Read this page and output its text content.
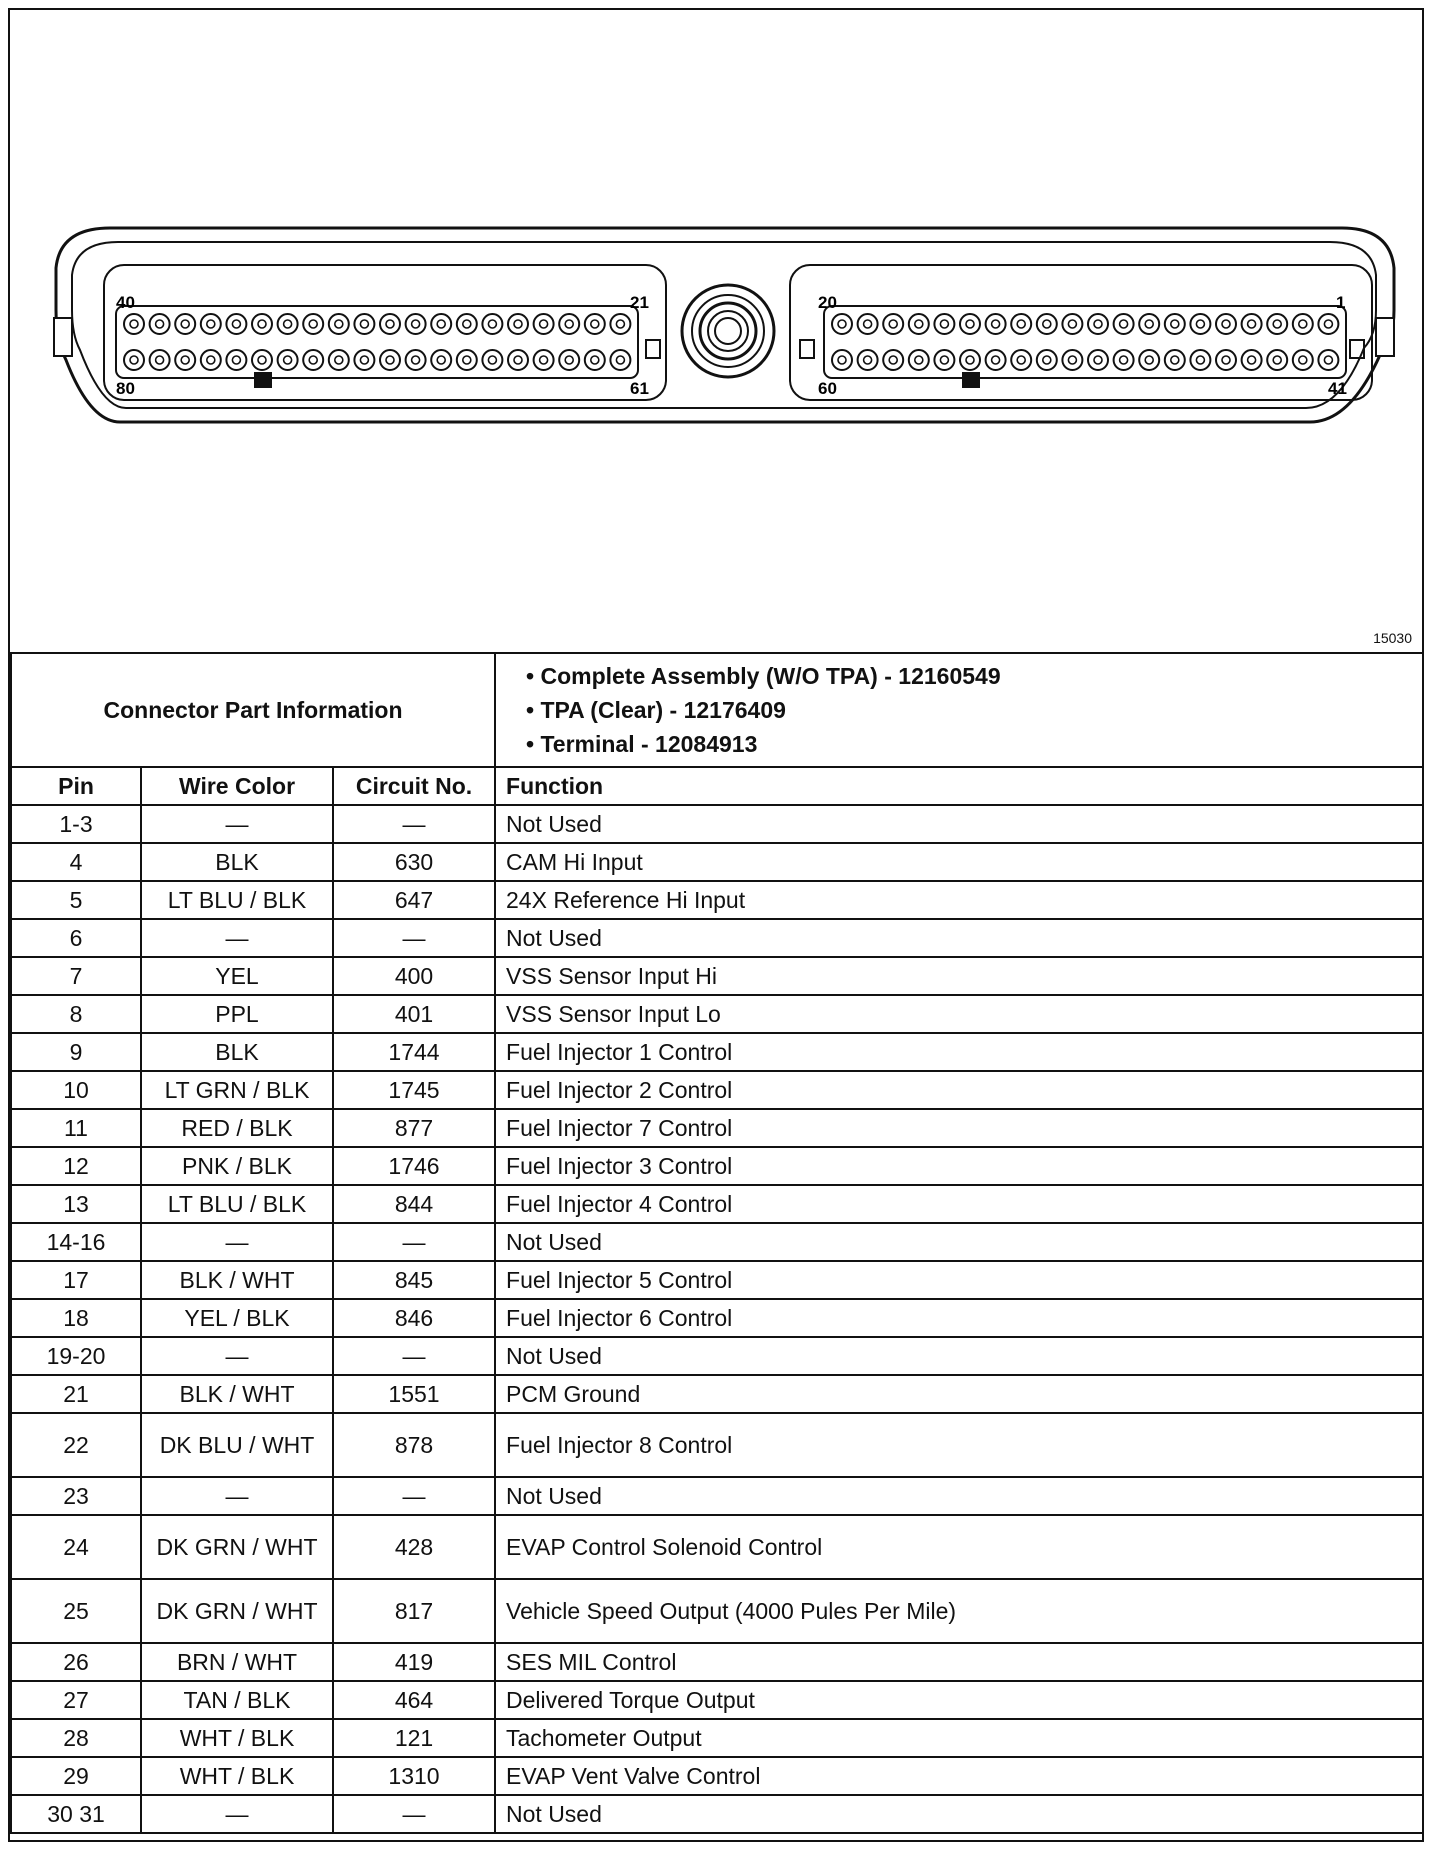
40	21
80	61
20	1
60	41
15030
Connector Part Information			• Complete Assembly (W/O TPA) - 12160549
• TPA (Clear) - 12176409
• Terminal - 12084913

Pin	Wire Color	Circuit No.	Function
1-3	—	—	Not Used
4	BLK	630	CAM Hi Input
5	LT BLU / BLK	647	24X Reference Hi Input
6	—	—	Not Used
7	YEL	400	VSS Sensor Input Hi
8	PPL	401	VSS Sensor Input Lo
9	BLK	1744	Fuel Injector 1 Control
10	LT GRN / BLK	1745	Fuel Injector 2 Control
11	RED / BLK	877	Fuel Injector 7 Control
12	PNK / BLK	1746	Fuel Injector 3 Control
13	LT BLU / BLK	844	Fuel Injector 4 Control
14-16	—	—	Not Used
17	BLK / WHT	845	Fuel Injector 5 Control
18	YEL / BLK	846	Fuel Injector 6 Control
19-20	—	—	Not Used
21	BLK / WHT	1551	PCM Ground
22	DK BLU / WHT	878	Fuel Injector 8 Control
23	—	—	Not Used
24	DK GRN / WHT	428	EVAP Control Solenoid Control
25	DK GRN / WHT	817	Vehicle Speed Output (4000 Pules Per Mile)
26	BRN / WHT	419	SES MIL Control
27	TAN / BLK	464	Delivered Torque Output
28	WHT / BLK	121	Tachometer Output
29	WHT / BLK	1310	EVAP Vent Valve Control
30 31	—	—	Not Used
